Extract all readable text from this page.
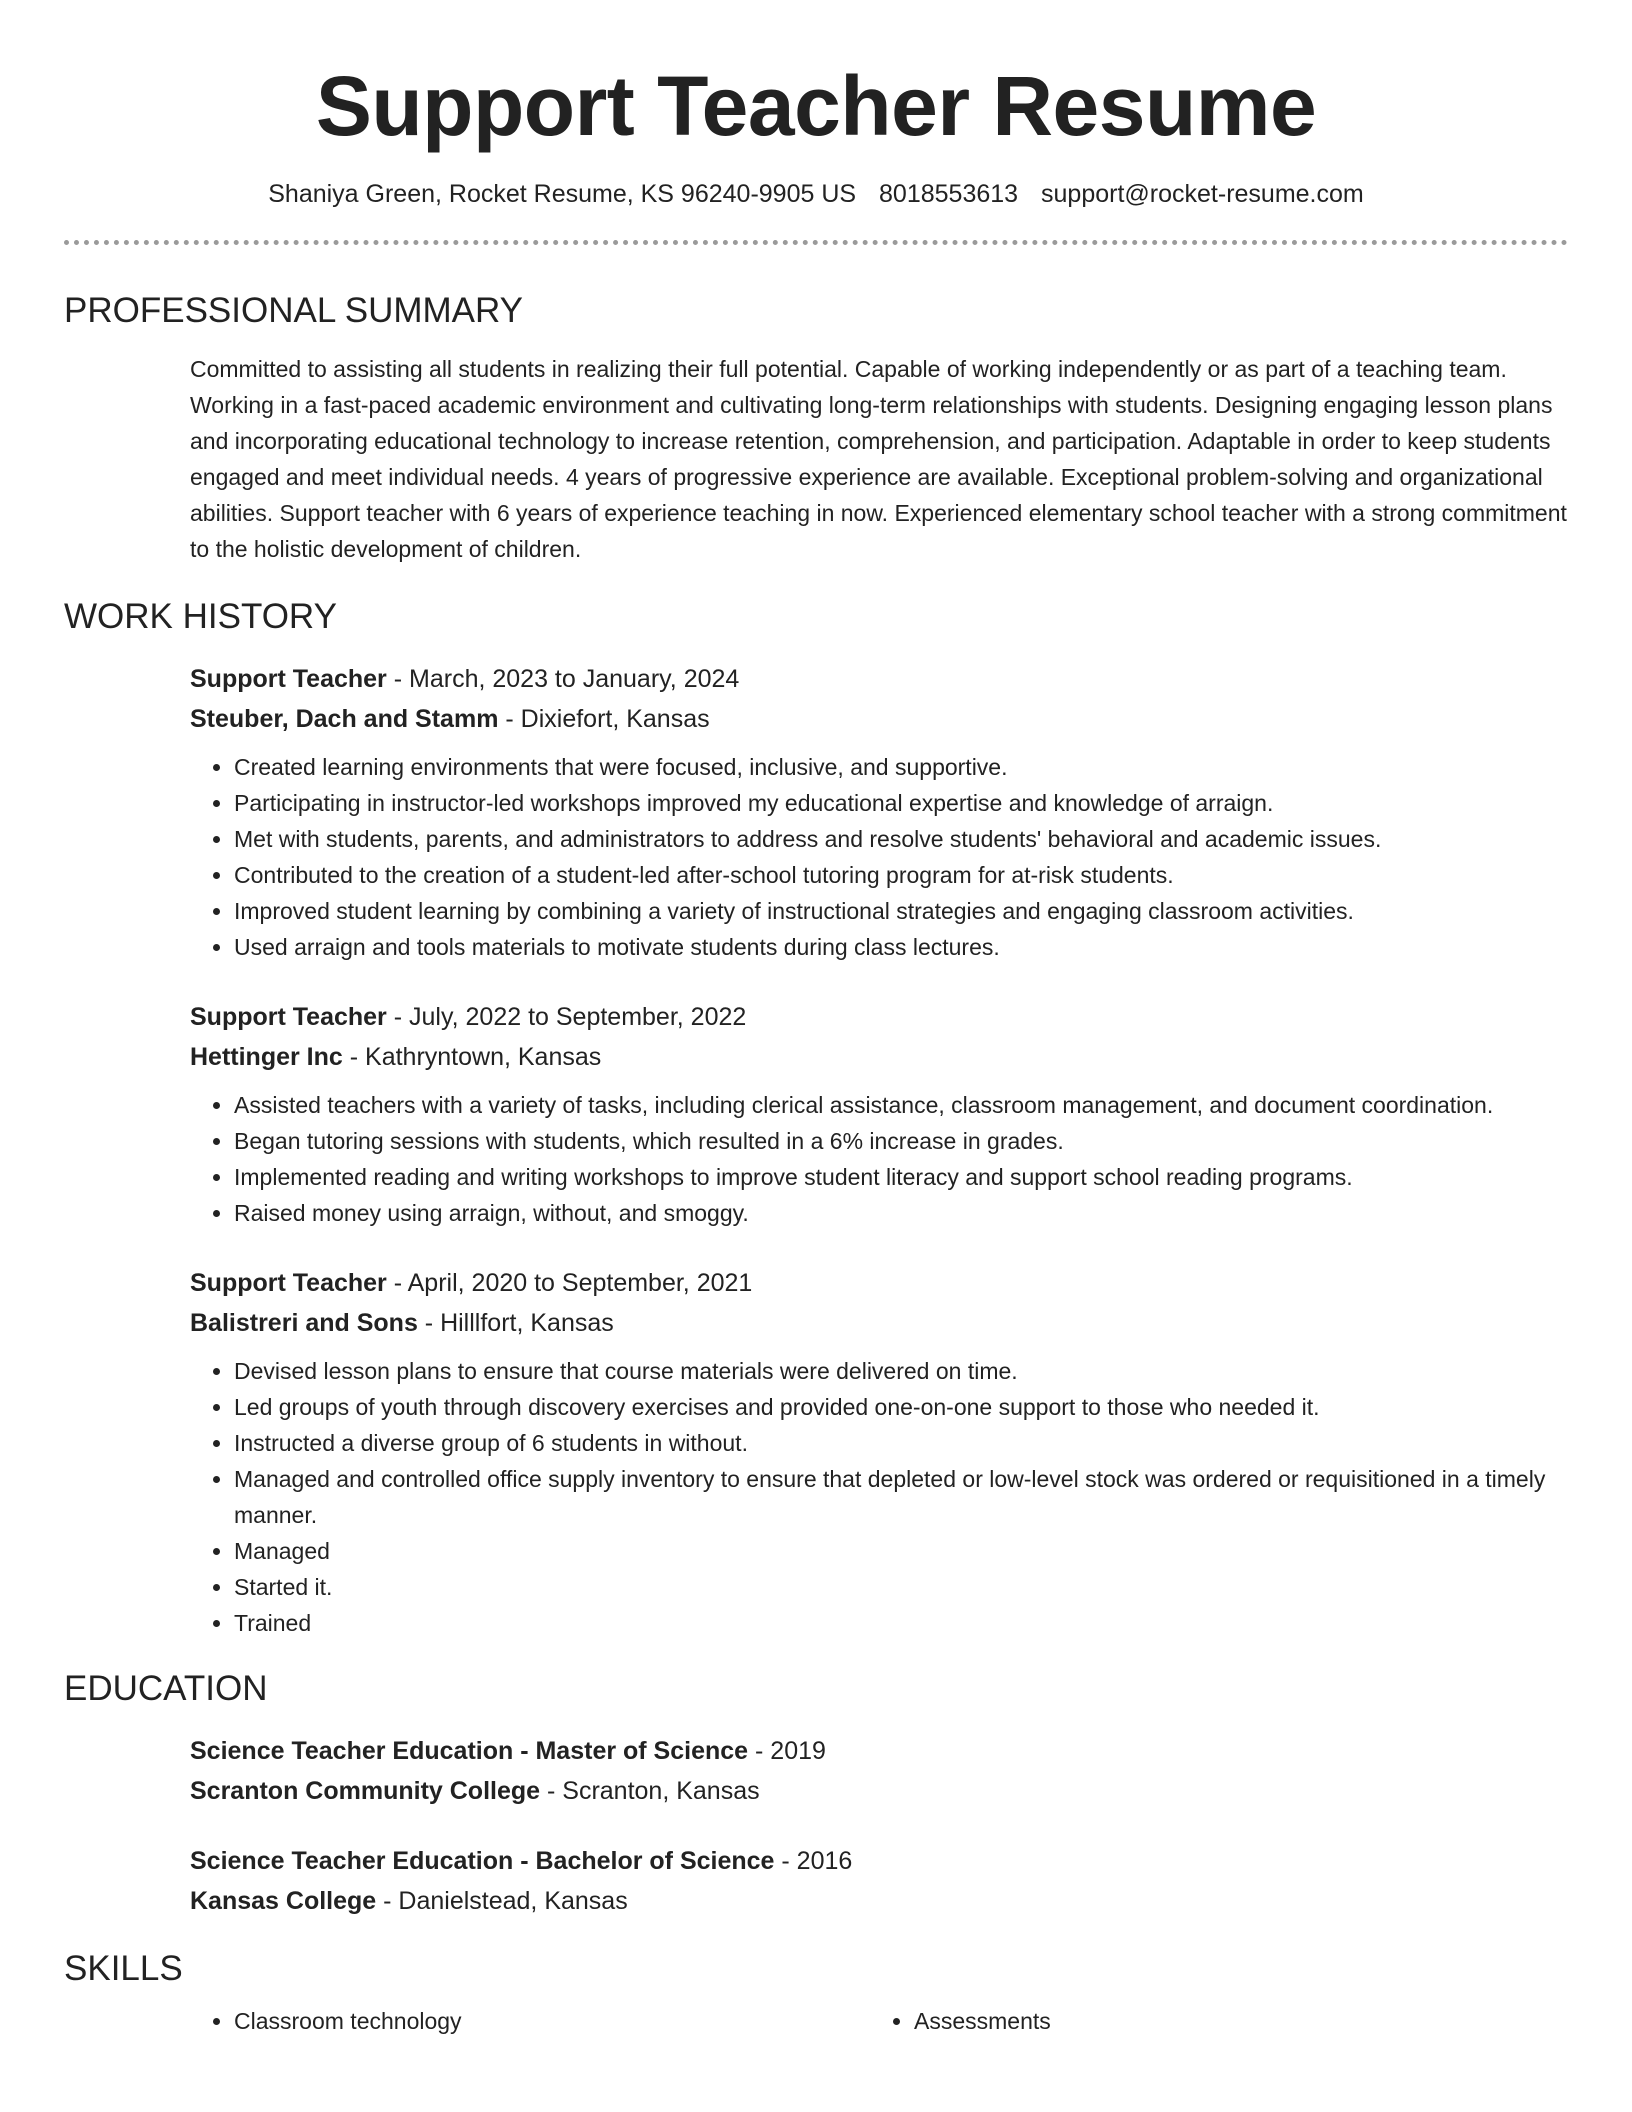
Support Teacher Resume
Shaniya Green, Rocket Resume, KS 96240-9905 US 8018553613 support@rocket-resume.com
PROFESSIONAL SUMMARY
Committed to assisting all students in realizing their full potential. Capable of working independently or as part of a teaching team. Working in a fast-paced academic environment and cultivating long-term relationships with students. Designing engaging lesson plans and incorporating educational technology to increase retention, comprehension, and participation. Adaptable in order to keep students engaged and meet individual needs. 4 years of progressive experience are available. Exceptional problem-solving and organizational abilities. Support teacher with 6 years of experience teaching in now. Experienced elementary school teacher with a strong commitment to the holistic development of children.
WORK HISTORY
Support Teacher - March, 2023 to January, 2024
Steuber, Dach and Stamm - Dixiefort, Kansas
• Created learning environments that were focused, inclusive, and supportive.
• Participating in instructor-led workshops improved my educational expertise and knowledge of arraign.
• Met with students, parents, and administrators to address and resolve students' behavioral and academic issues.
• Contributed to the creation of a student-led after-school tutoring program for at-risk students.
• Improved student learning by combining a variety of instructional strategies and engaging classroom activities.
• Used arraign and tools materials to motivate students during class lectures.
Support Teacher - July, 2022 to September, 2022
Hettinger Inc - Kathryntown, Kansas
• Assisted teachers with a variety of tasks, including clerical assistance, classroom management, and document coordination.
• Began tutoring sessions with students, which resulted in a 6% increase in grades.
• Implemented reading and writing workshops to improve student literacy and support school reading programs.
• Raised money using arraign, without, and smoggy.
Support Teacher - April, 2020 to September, 2021
Balistreri and Sons - Hilllfort, Kansas
• Devised lesson plans to ensure that course materials were delivered on time.
• Led groups of youth through discovery exercises and provided one-on-one support to those who needed it.
• Instructed a diverse group of 6 students in without.
• Managed and controlled office supply inventory to ensure that depleted or low-level stock was ordered or requisitioned in a timely manner.
• Managed
• Started it.
• Trained
EDUCATION
Science Teacher Education - Master of Science - 2019
Scranton Community College - Scranton, Kansas
Science Teacher Education - Bachelor of Science - 2016
Kansas College - Danielstead, Kansas
SKILLS
• Classroom technology
•	Assessments
